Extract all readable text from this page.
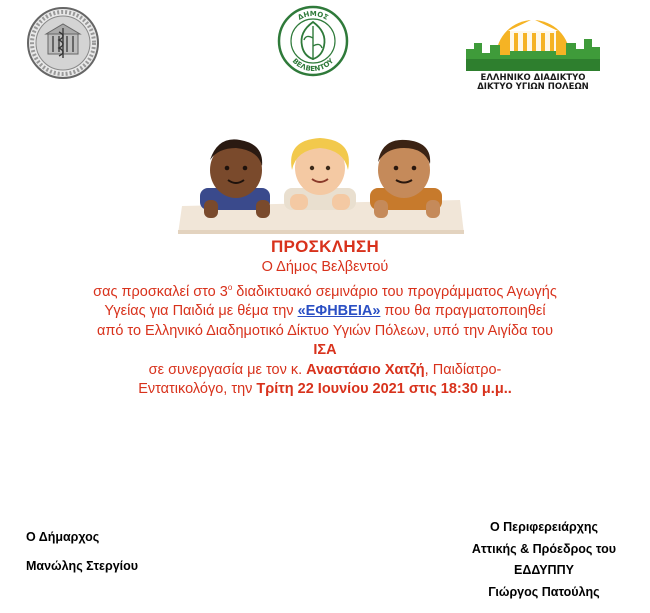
ΔΗΜΟΣ
ΒΕΛΒΕΝΤΟΥ
ΕΛΛΗΝΙΚΟ ΔΙΑΔΙΚΤΥΟ
ΔΙΚΤΥΟ ΥΓΙΩΝ ΠΟΛΕΩΝ
ΠΡΟΣΚΛΗΣΗ
Ο Δήμος Βελβεντού
σας προσκαλεί στο $3^o$ διαδικτυακό σεμινάριο του προγράμματος Αγωγής
Υγείας για Παιδιά με θέμα την «ΕΦΗΒΕΙΑ» που θα πραγματοποιηθεί
από το Ελληνικό Διαδημοτικό Δίκτυο Υγιών Πόλεων, υπό την Αιγίδα του
ΙΣΑ
σε συνεργασία με τον κ. Αναστάσιο Χατζή, Παιδίατρο-
Εντατικολόγο, την Τρίτη 22 Ιουνίου 2021 στις 18:30 μ.μ..
Ο Δήμαρχος
Μανώλης Στεργίου
Ο Περιφερειάρχης
Αττικής & Πρόεδρος του
ΕΔΔΥΠΠΥ
Γιώργος Πατούλης
